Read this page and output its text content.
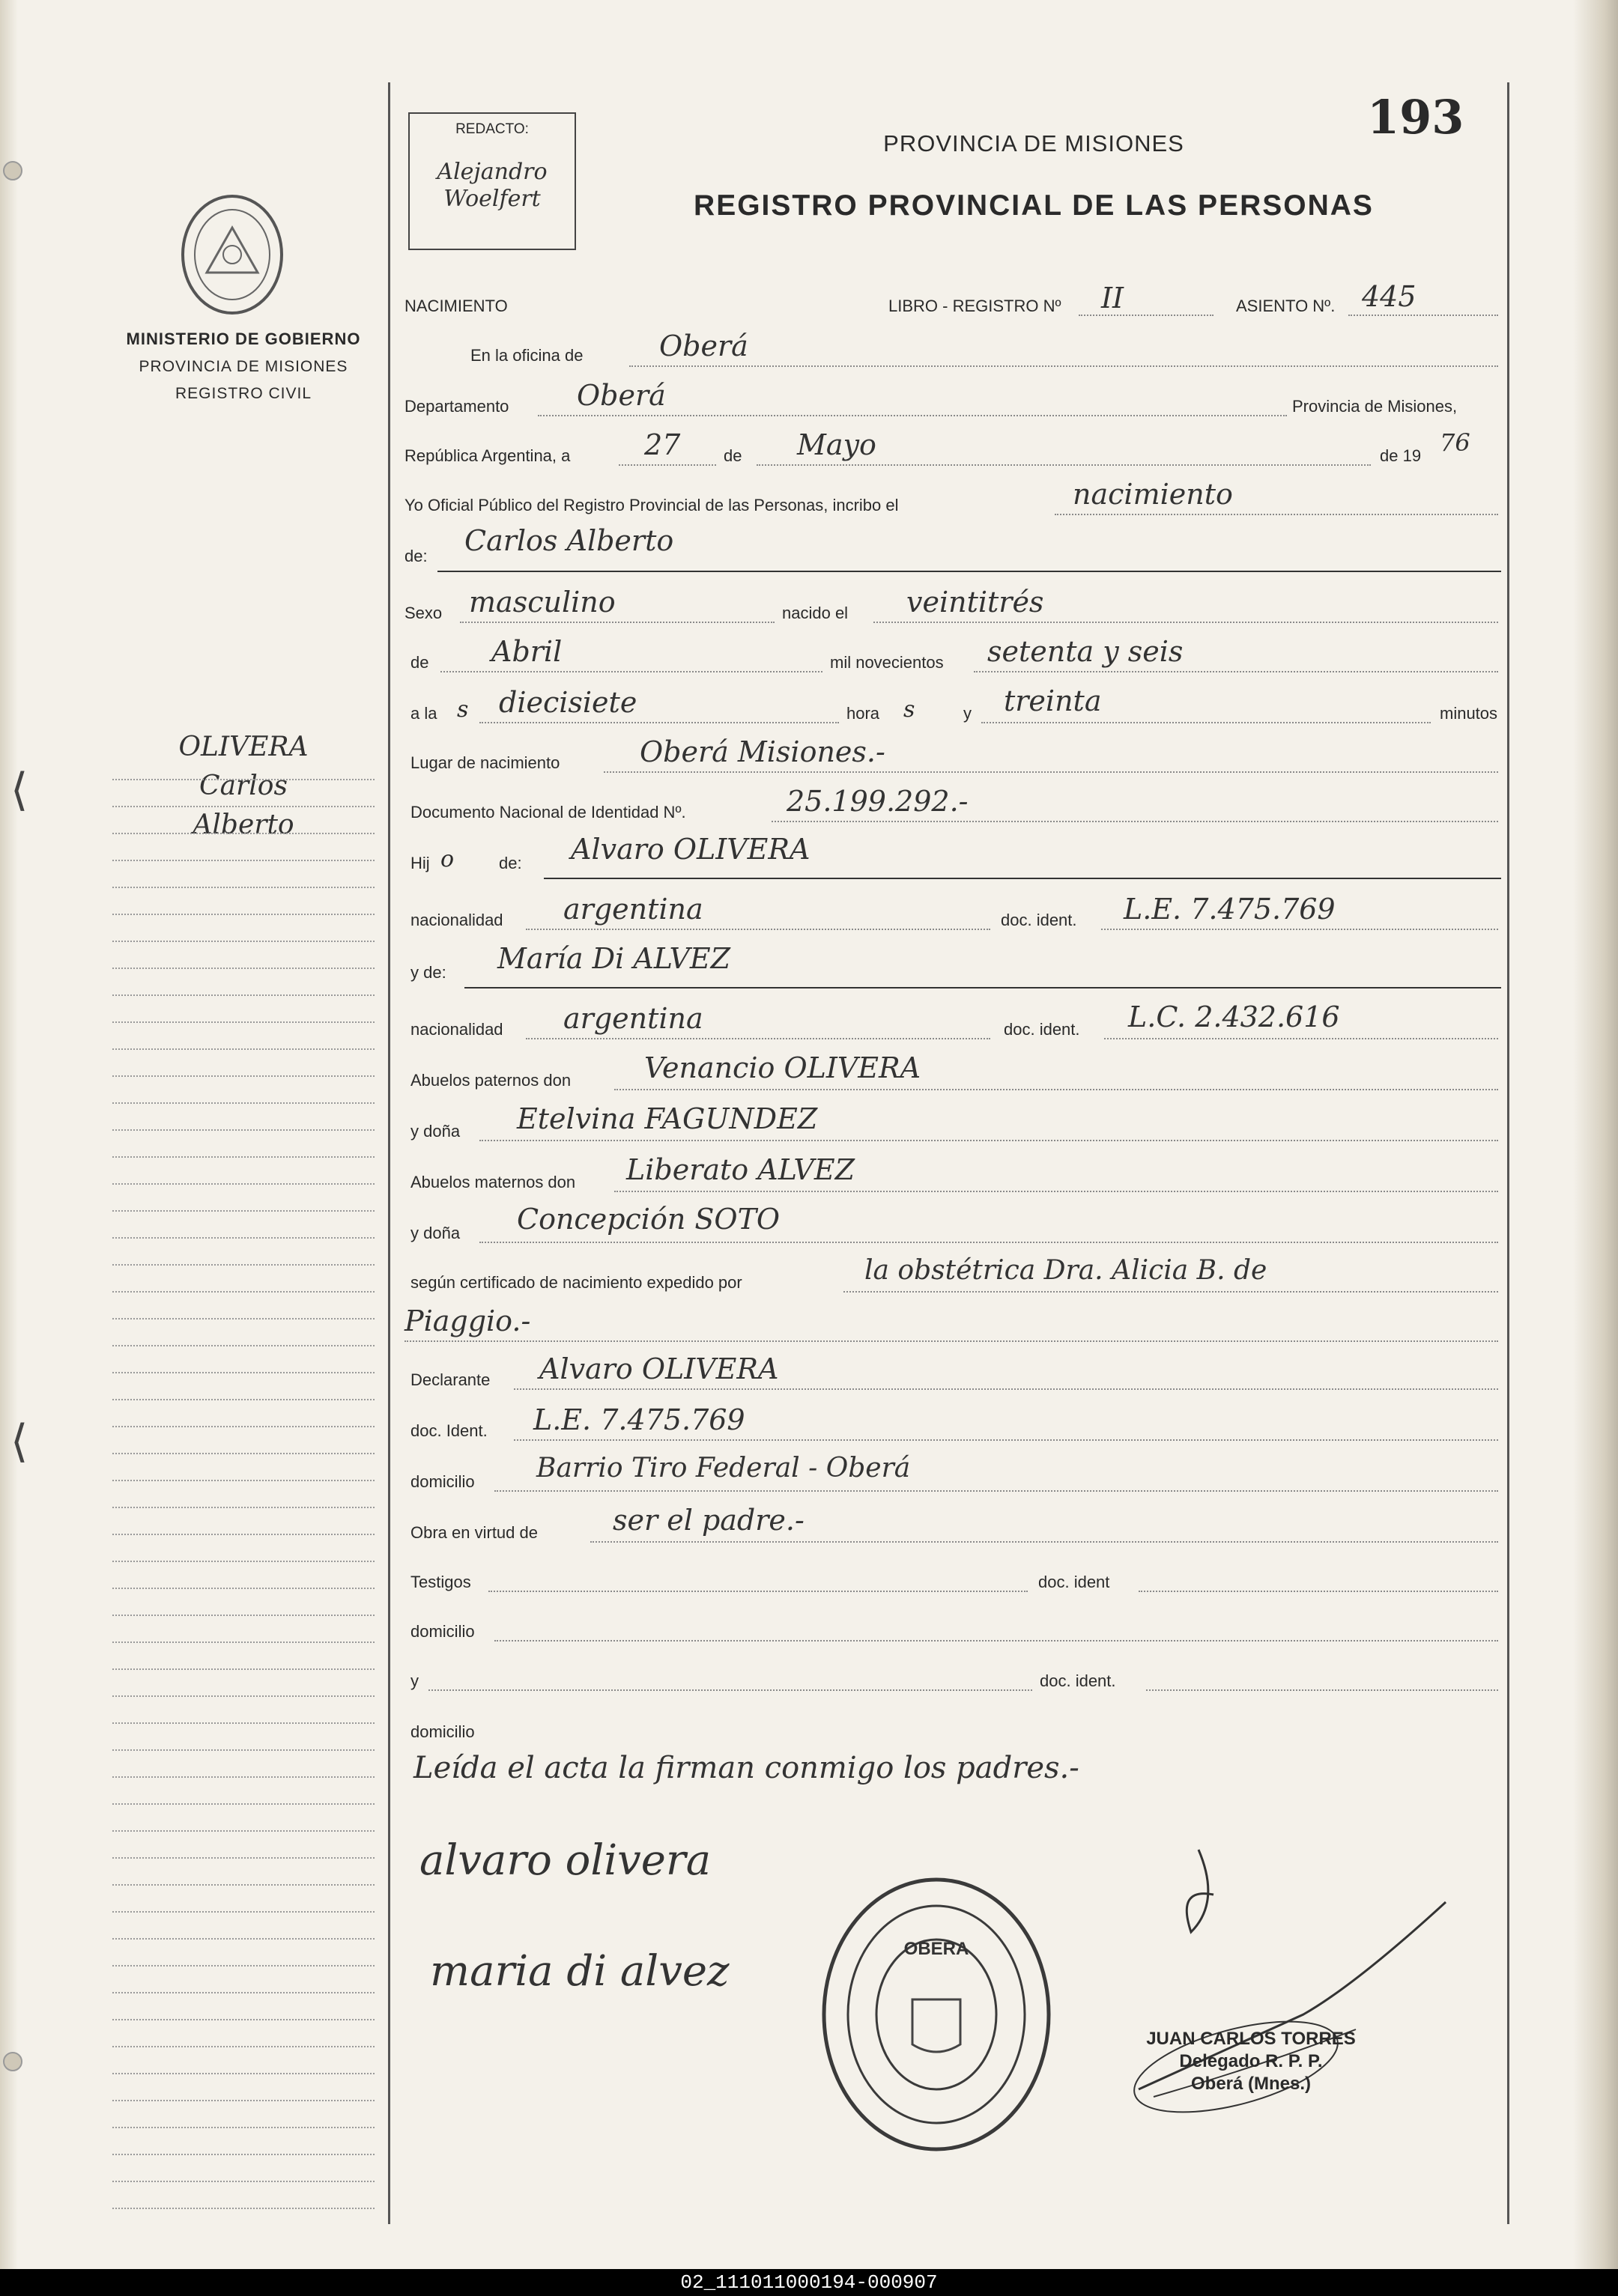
⟨
⟨
MINISTERIO DE GOBIERNO
PROVINCIA DE MISIONES
REGISTRO CIVIL
OLIVERA
Carlos
Alberto
REDACTO:
Alejandro
Woelfert
193
PROVINCIA DE MISIONES
REGISTRO PROVINCIAL DE LAS PERSONAS
NACIMIENTO	LIBRO - REGISTRO Nº II	ASIENTO Nº. 445
En la oficina de	Oberá
Departamento Oberá	Provincia de Misiones,
República Argentina, a	27	de Mayo	de 19 76
Yo Oficial Público del Registro Provincial de las Personas, incribo el	nacimiento
de: Carlos Alberto
Sexo masculino	nacido el veintitrés
de Abril	mil novecientos setenta y seis
a la s diecisiete	hora s	y treinta	minutos
Lugar de nacimiento	Oberá Misiones.-
Documento Nacional de Identidad Nº.	25.199.292.-
Hij o	de: Alvaro OLIVERA
nacionalidad argentina	doc. ident. L.E. 7.475.769
y de: María Di ALVEZ
nacionalidad argentina	doc. ident. L.C. 2.432.616
Abuelos paternos don	Venancio OLIVERA
y doña Etelvina FAGUNDEZ
Abuelos maternos don Liberato ALVEZ
y doña Concepción SOTO
según certificado de nacimiento expedido por	la obstétrica Dra. Alicia B. de
Piaggio.-
Declarante Alvaro OLIVERA
doc. Ident. L.E. 7.475.769
domicilio Barrio Tiro Federal - Oberá
Obra en virtud de	ser el padre.-
Testigos	doc. ident
domicilio
y	doc. ident.
domicilio
Leída el acta la firman conmigo los padres.-
alvaro olivera
maria di alvez	OBERA
JUAN CARLOS TORRES
Delegado R. P. P.
Oberá (Mnes.)
02_111011000194-000907
